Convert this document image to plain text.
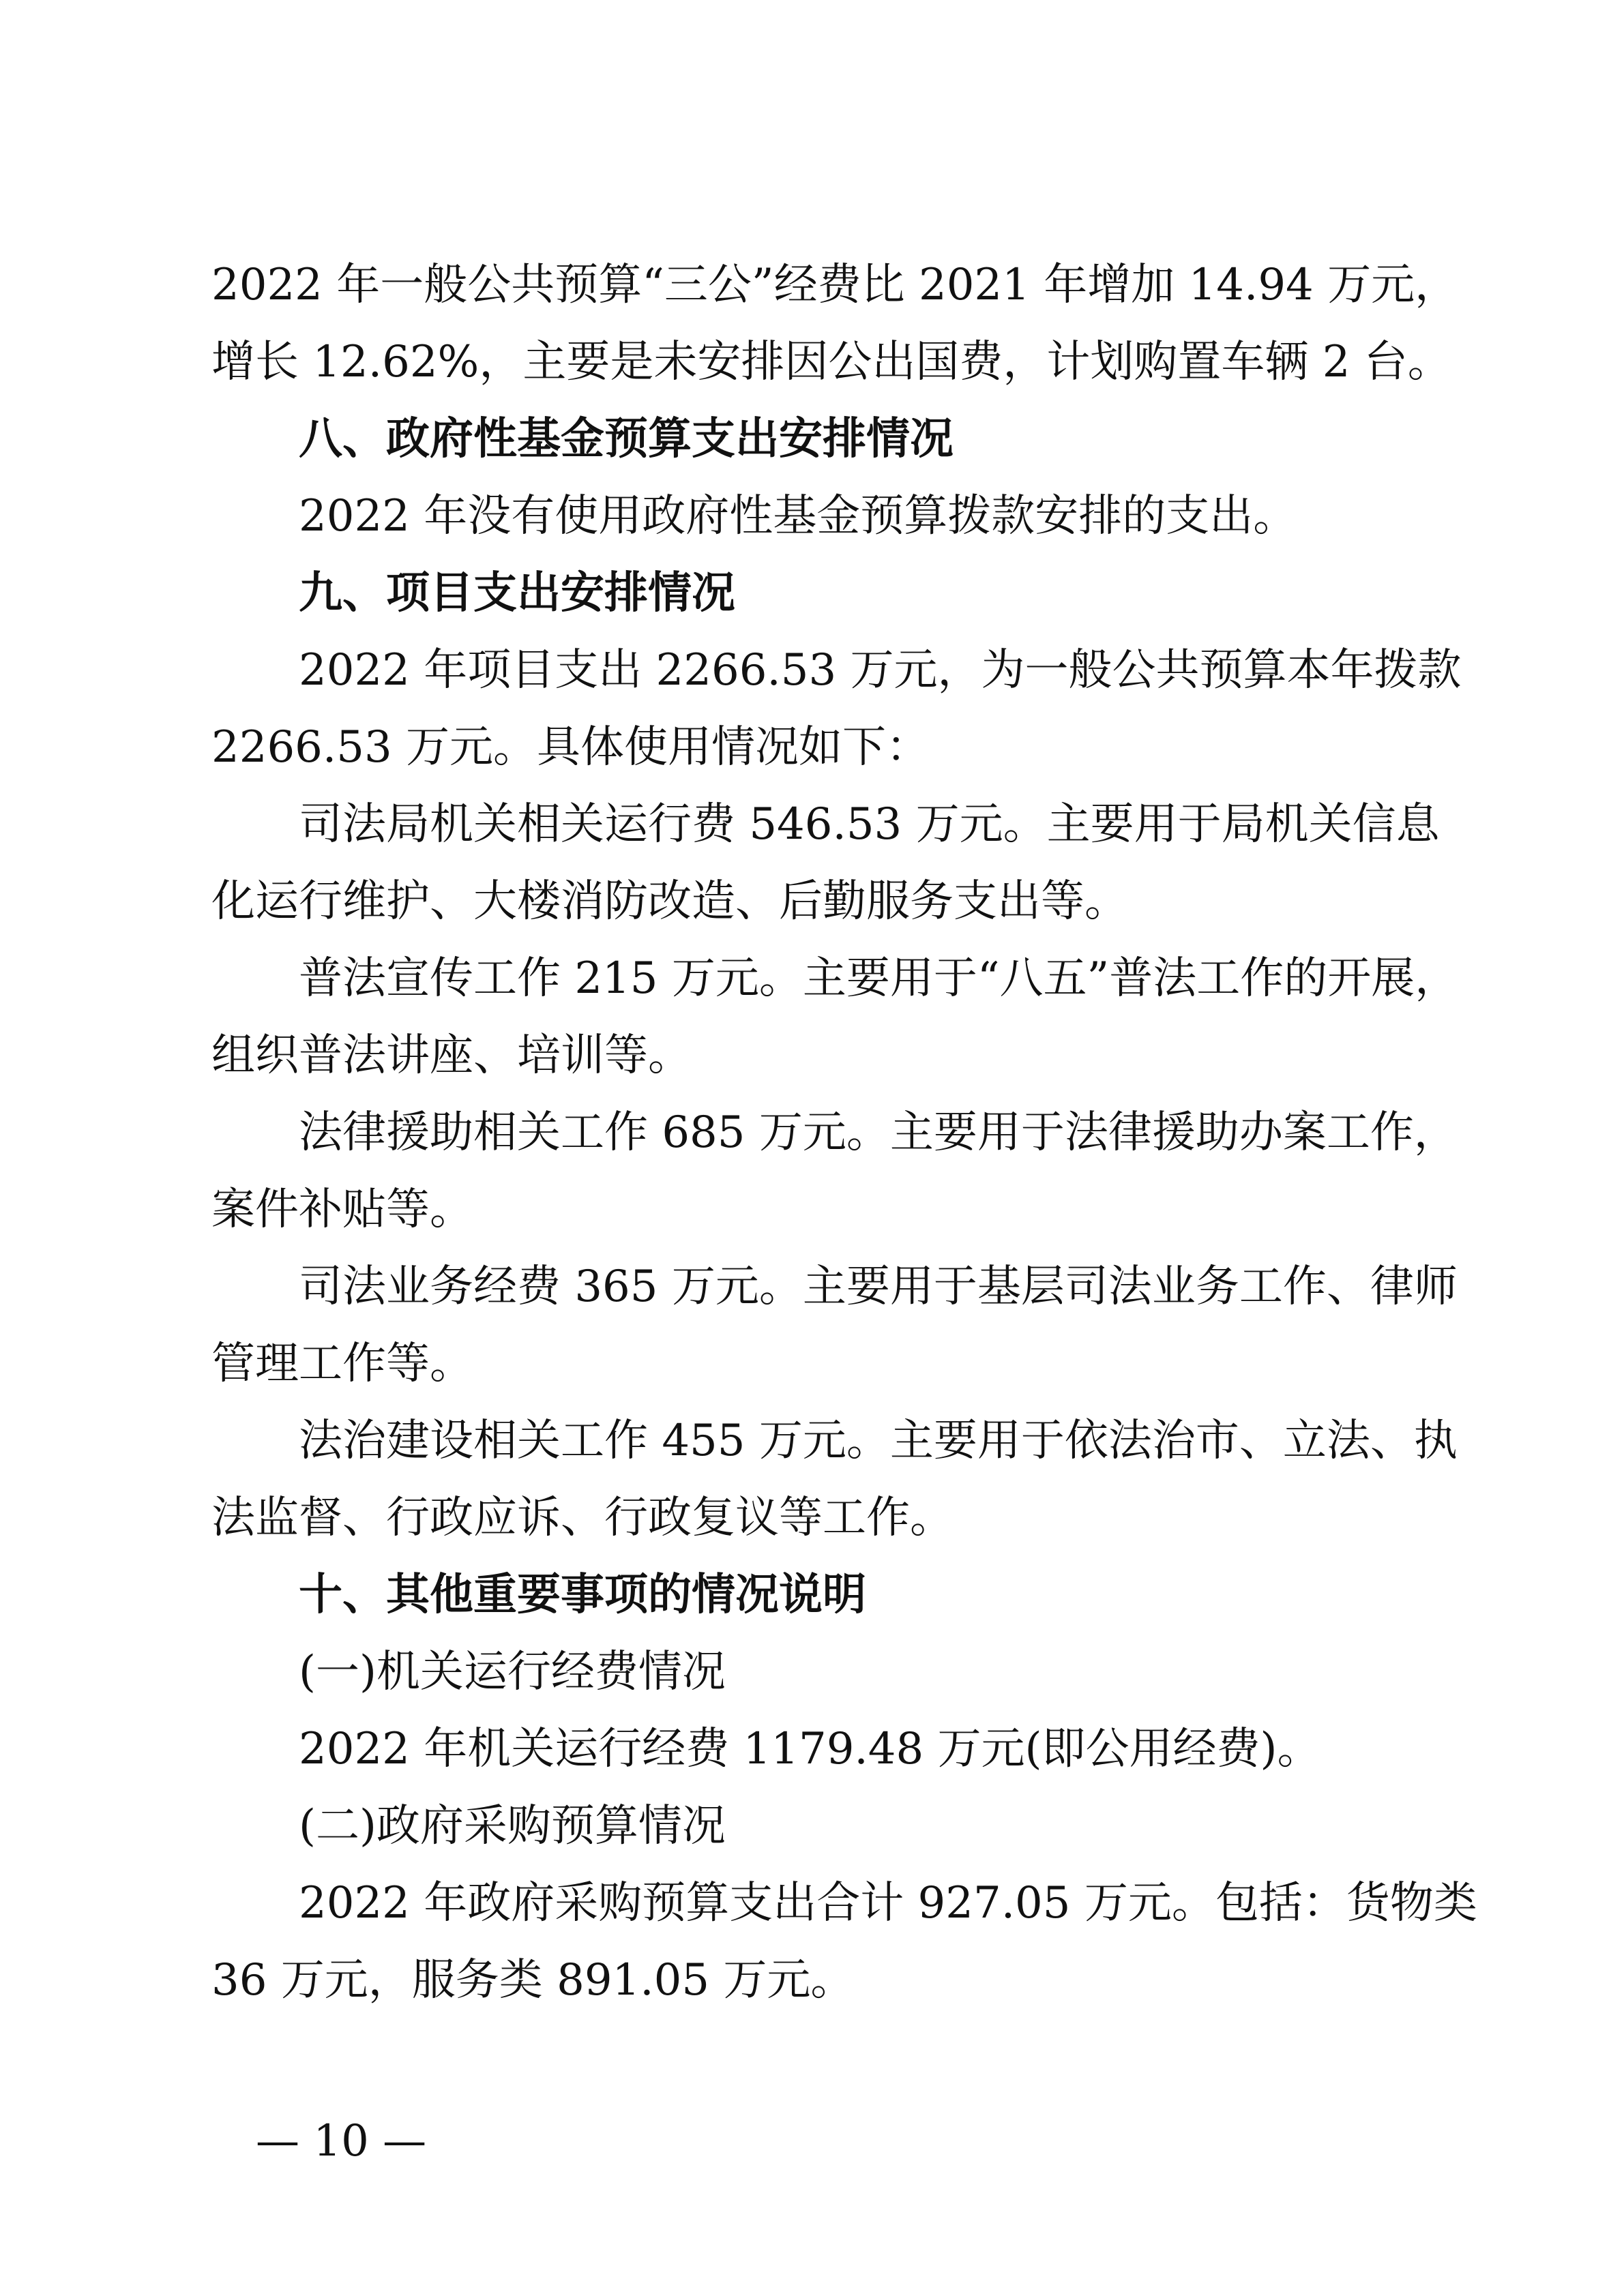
2022 年一般公共预算“三公”经费比 2021 年增加 14.94 万元，
增长 12.62%，主要是未安排因公出国费，计划购置车辆 2 台。
八、政府性基金预算支出安排情况
2022 年没有使用政府性基金预算拨款安排的支出。
九、项目支出安排情况
2022 年项目支出 2266.53 万元，为一般公共预算本年拨款
2266.53 万元。具体使用情况如下：
司法局机关相关运行费 546.53 万元。主要用于局机关信息
化运行维护、大楼消防改造、后勤服务支出等。
普法宣传工作 215 万元。主要用于“八五”普法工作的开展，
组织普法讲座、培训等。
法律援助相关工作 685 万元。主要用于法律援助办案工作，
案件补贴等。
司法业务经费 365 万元。主要用于基层司法业务工作、律师
管理工作等。
法治建设相关工作 455 万元。主要用于依法治市、立法、执
法监督、行政应诉、行政复议等工作。
十、其他重要事项的情况说明
(一)机关运行经费情况
2022 年机关运行经费 1179.48 万元(即公用经费)。
(二)政府采购预算情况
2022 年政府采购预算支出合计 927.05 万元。包括：货物类
36 万元，服务类 891.05 万元。
— 10 —
